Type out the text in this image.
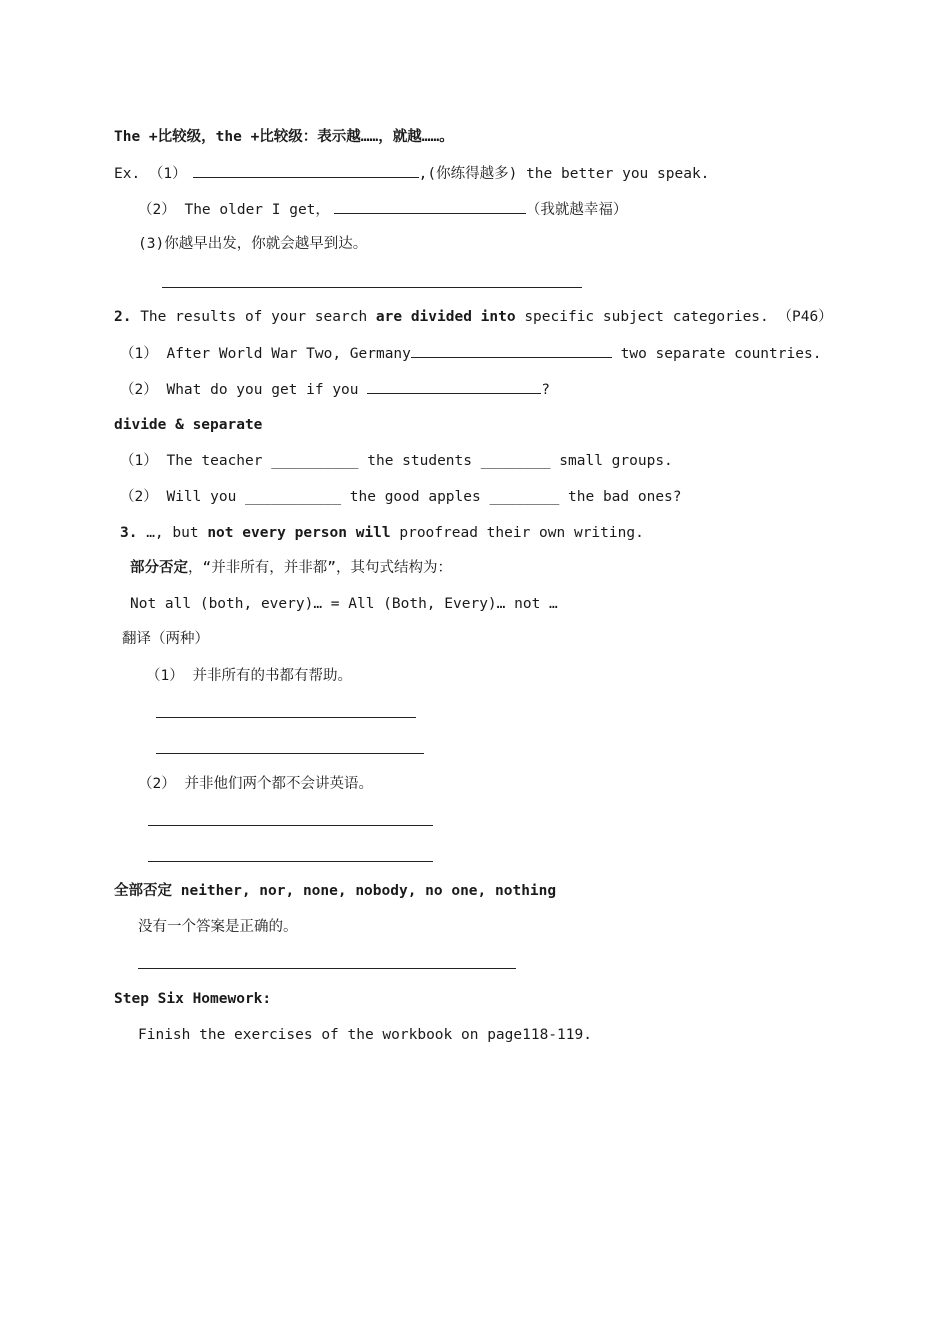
The +比较级，the +比较级：表示越……，就越……。
Ex. （1）	,(你练得越多) the better you speak.
（2） The older I get，	（我就越幸福）
(3)你越早出发，你就会越早到达。
2. The results of your search are divided into specific subject categories. （P46）
（1） After World War Two, Germany	two separate countries.
（2） What do you get if you	?
divide & separate
（1） The teacher __________ the students ________ small groups.
（2） Will you ___________ the good apples ________ the bad ones?
3. …, but not every person will proofread their own writing.
部分否定，“并非所有，并非都”，其句式结构为：
Not all (both, every)… = All (Both, Every)… not …
翻译（两种）
（1） 并非所有的书都有帮助。
（2） 并非他们两个都不会讲英语。
全部否定 neither, nor, none, nobody, no one, nothing
没有一个答案是正确的。
Step Six Homework:
Finish the exercises of the workbook on page118-119.
